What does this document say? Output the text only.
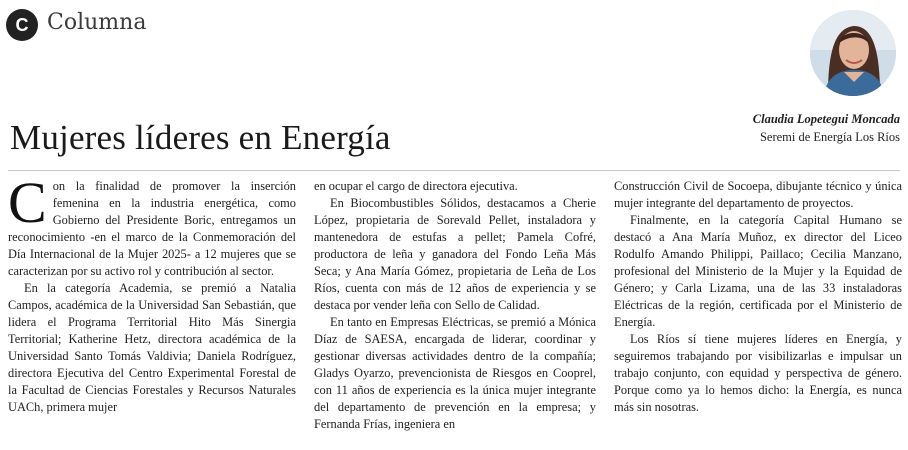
C Columna
Claudia Lopetegui Moncada
Seremi de Energía Los Ríos
Mujeres líderes en Energía

Con la finalidad de promover la inserción femenina en la industria energética, como Gobierno del Presidente Boric, entregamos un reconocimiento -en el marco de la Conmemoración del Día Internacional de la Mujer 2025- a 12 mujeres que se caracterizan por su activo rol y contribución al sector.

En la categoría Academia, se premió a Natalia Campos, académica de la Universidad San Sebastián, que lidera el Programa Territorial Hito Más Sinergia Territorial; Katherine Hetz, directora académica de la Universidad Santo Tomás Valdivia; Daniela Rodríguez, directora Ejecutiva del Centro Experimental Forestal de la Facultad de Ciencias Forestales y Recursos Naturales UACh, primera mujer

en ocupar el cargo de directora ejecutiva.

En Biocombustibles Sólidos, destacamos a Cherie López, propietaria de Sorevald Pellet, instaladora y mantenedora de estufas a pellet; Pamela Cofré, productora de leña y ganadora del Fondo Leña Más Seca; y Ana María Gómez, propietaria de Leña de Los Ríos, cuenta con más de 12 años de experiencia y se destaca por vender leña con Sello de Calidad.

En tanto en Empresas Eléctricas, se premió a Mónica Díaz de SAESA, encargada de liderar, coordinar y gestionar diversas actividades dentro de la compañía; Gladys Oyarzo, prevencionista de Riesgos en Cooprel, con 11 años de experiencia es la única mujer integrante del departamento de prevención en la empresa; y Fernanda Frías, ingeniera en

Construcción Civil de Socoepa, dibujante técnico y única mujer integrante del departamento de proyectos.

Finalmente, en la categoría Capital Humano se destacó a Ana María Muñoz, ex director del Liceo Rodulfo Amando Philippi, Paillaco; Cecilia Manzano, profesional del Ministerio de la Mujer y la Equidad de Género; y Carla Lizama, una de las 33 instaladoras Eléctricas de la región, certificada por el Ministerio de Energía.

Los Ríos sí tiene mujeres líderes en Energía, y seguiremos trabajando por visibilizarlas e impulsar un trabajo conjunto, con equidad y perspectiva de género. Porque como ya lo hemos dicho: la Energía, es nunca más sin nosotras.
